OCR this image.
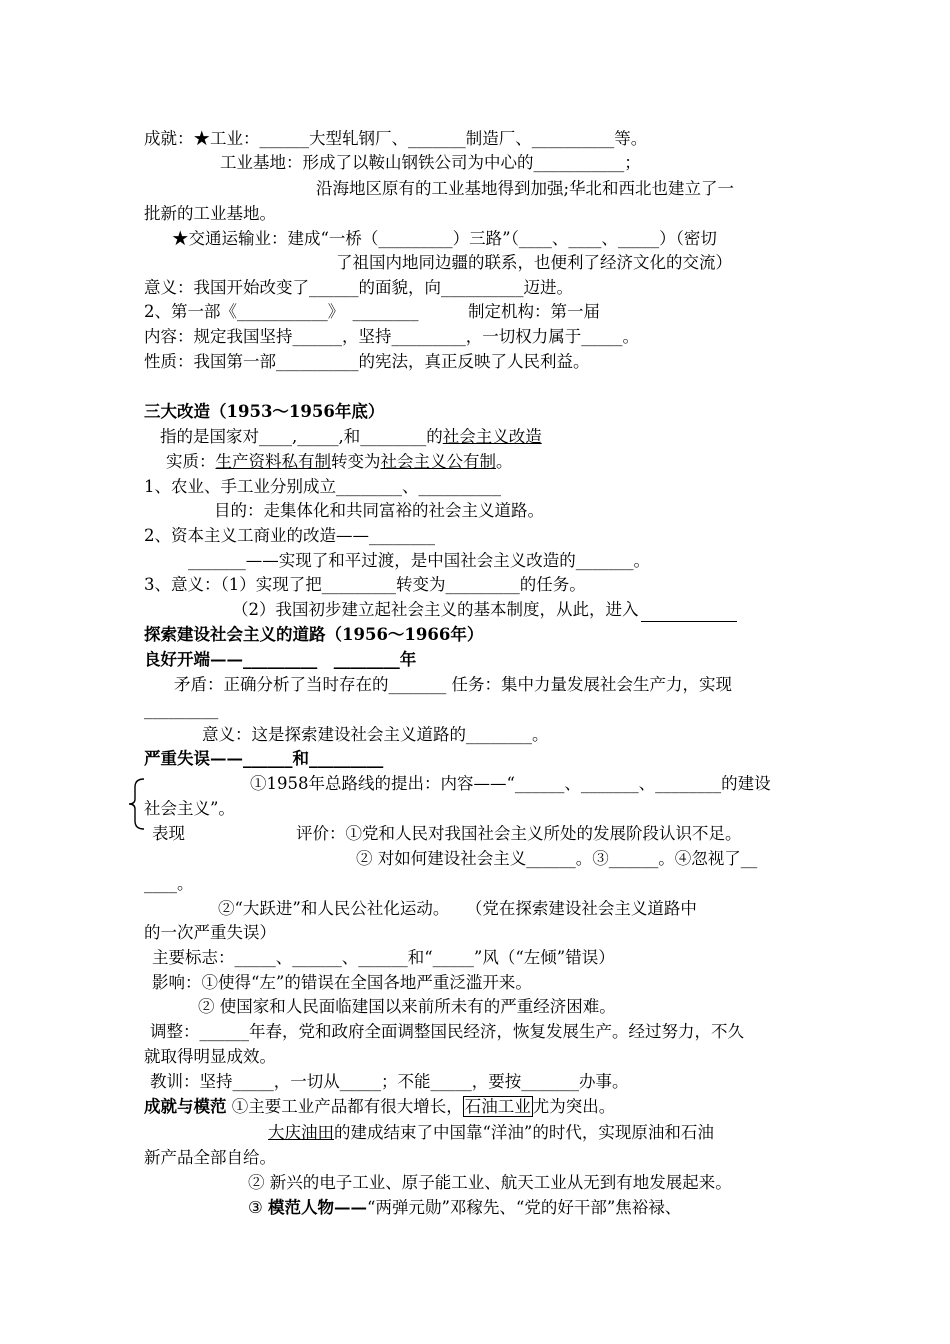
成就：★工业：______大型轧钢厂、_______制造厂、__________等。
工业基地：形成了以鞍山钢铁公司为中心的___________；
沿海地区原有的工业基地得到加强;华北和西北也建立了一
批新的工业基地。
★交通运输业：建成“一桥（_________）三路”（____、____、_____）（密切
了祖国内地同边疆的联系，也便利了经济文化的交流）
意义：我国开始改变了______的面貌，向__________迈进。
2、第一部《___________》　________　　　制定机构：第一届
内容：规定我国坚持______，坚持_________，一切权力属于_____。
性质：我国第一部__________的宪法，真正反映了人民利益。
三大改造（1953～1956年底）
指的是国家对____,_____,和________的社会主义改造
实质：生产资料私有制转变为社会主义公有制。
1、农业、手工业分别成立________、__________
目的：走集体化和共同富裕的社会主义道路。
2、资本主义工商业的改造——________
_______——实现了和平过渡，是中国社会主义改造的_______。
3、意义：（1）实现了把_________转变为_________的任务。
（2）我国初步建立起社会主义的基本制度，从此，进入
探索建设社会主义的道路（1956～1966年）
良好开端——_________　________年
矛盾：正确分析了当时存在的_______ 任务：集中力量发展社会生产力，实现
_________
意义：这是探索建设社会主义道路的________。
严重失误——______和_________
①1958年总路线的提出：内容——“______、_______、________的建设
社会主义”。
表现	评价：①党和人民对我国社会主义所处的发展阶段认识不足。
② 对如何建设社会主义______。③______。④忽视了__
____。
②“大跃进”和人民公社化运动。　　（党在探索建设社会主义道路中
的一次严重失误）
主要标志：_____、______、______和“_____”风（“左倾”错误）
影响：①使得“左”的错误在全国各地严重泛滥开来。
② 使国家和人民面临建国以来前所未有的严重经济困难。
调整：______年春，党和政府全面调整国民经济，恢复发展生产。经过努力，不久
就取得明显成效。
教训：坚持_____，一切从_____；不能_____，要按_______办事。
成就与模范 ①主要工业产品都有很大增长， 石油工业 尤为突出。
大庆油田的建成结束了中国靠“洋油”的时代，实现原油和石油
新产品全部自给。
② 新兴的电子工业、原子能工业、航天工业从无到有地发展起来。
③ 模范人物——“两弹元勋”邓稼先、“党的好干部”焦裕禄、
